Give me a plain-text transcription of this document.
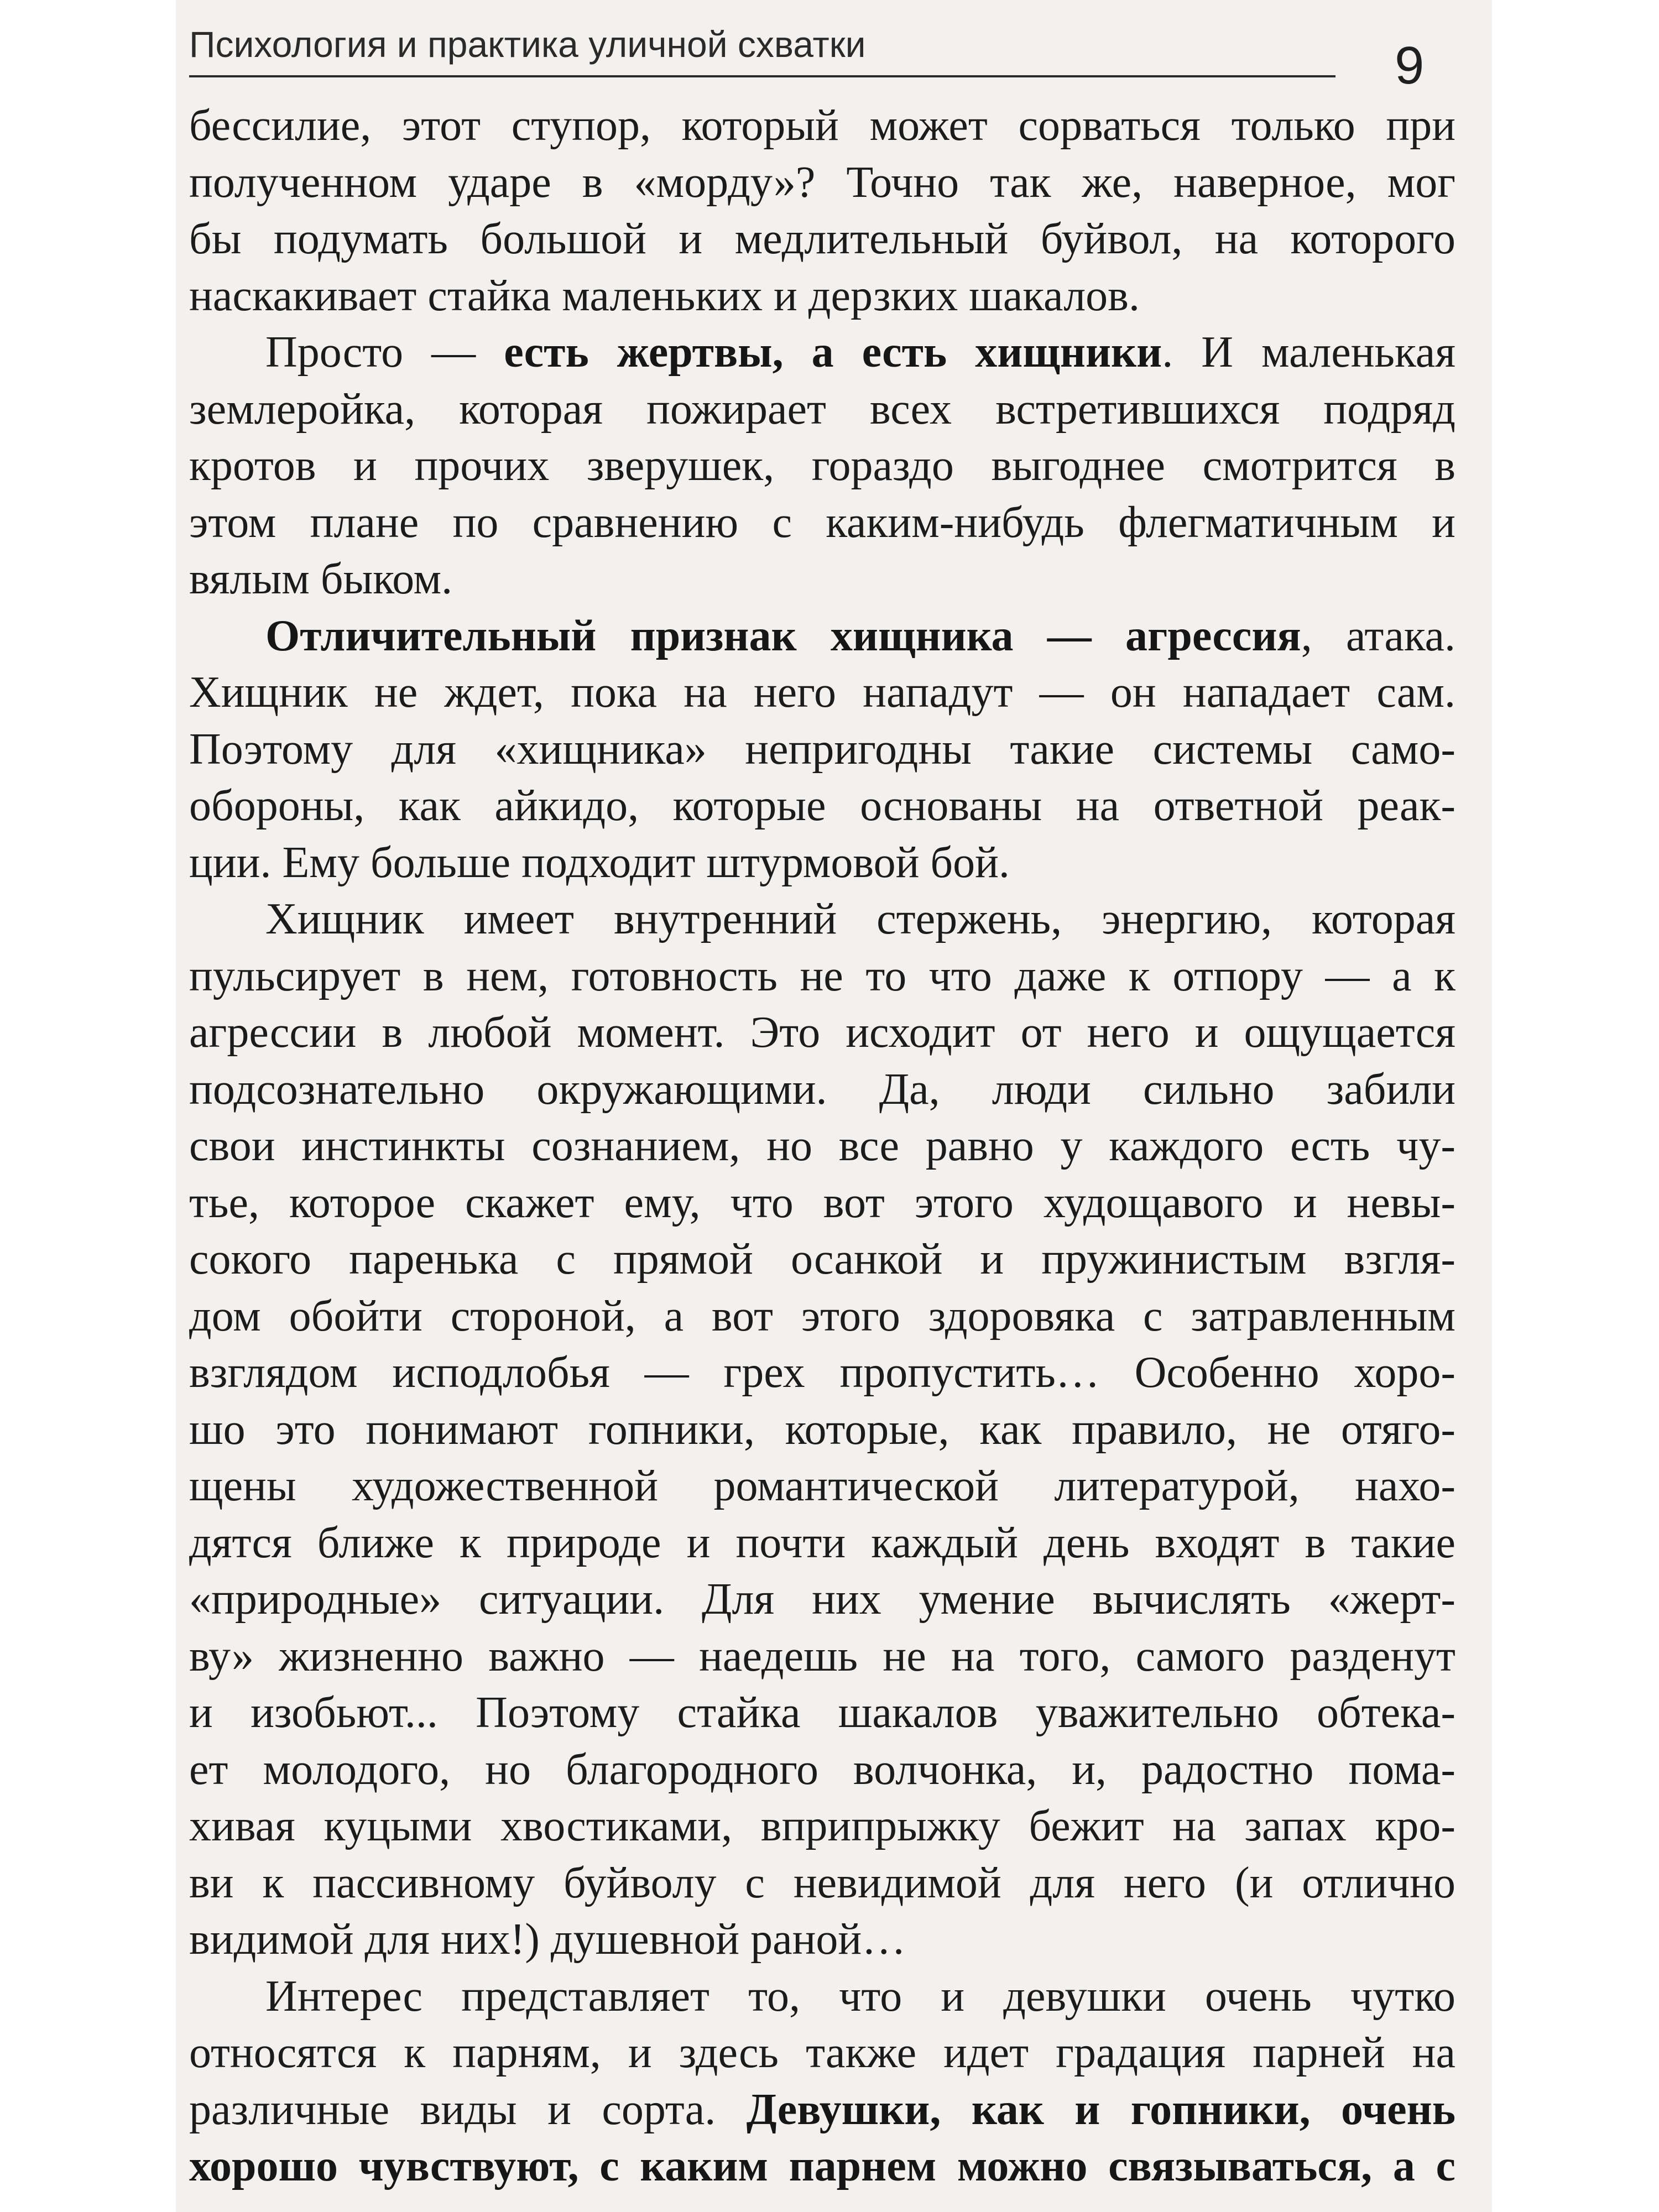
Психология и практика уличной схватки	9

бессилие, этот ступор, который может сорваться только при
полученном ударе в «морду»? Точно так же, наверное, мог
бы подумать большой и медлительный буйвол, на которого
наскакивает стайка маленьких и дерзких шакалов.

Просто — есть жертвы, а есть хищники. И маленькая
землеройка, которая пожирает всех встретившихся подряд
кротов и прочих зверушек, гораздо выгоднее смотрится в
этом плане по сравнению с каким-нибудь флегматичным и
вялым быком.

Отличительный признак хищника — агрессия, атака.
Хищник не ждет, пока на него нападут — он нападает сам.
Поэтому для «хищника» непригодны такие системы само-
обороны, как айкидо, которые основаны на ответной реак-
ции. Ему больше подходит штурмовой бой.

Хищник имеет внутренний стержень, энергию, которая
пульсирует в нем, готовность не то что даже к отпору — а к
агрессии в любой момент. Это исходит от него и ощущается
подсознательно окружающими. Да, люди сильно забили
свои инстинкты сознанием, но все равно у каждого есть чу-
тье, которое скажет ему, что вот этого худощавого и невы-
сокого паренька с прямой осанкой и пружинистым взгля-
дом обойти стороной, а вот этого здоровяка с затравленным
взглядом исподлобья — грех пропустить… Особенно хоро-
шо это понимают гопники, которые, как правило, не отяго-
щены художественной романтической литературой, нахо-
дятся ближе к природе и почти каждый день входят в такие
«природные» ситуации. Для них умение вычислять «жерт-
ву» жизненно важно — наедешь не на того, самого разденут
и изобьют... Поэтому стайка шакалов уважительно обтека-
ет молодого, но благородного волчонка, и, радостно пома-
хивая куцыми хвостиками, вприпрыжку бежит на запах кро-
ви к пассивному буйволу с невидимой для него (и отлично
видимой для них!) душевной раной…

Интерес представляет то, что и девушки очень чутко
относятся к парням, и здесь также идет градация парней на
различные виды и сорта. Девушки, как и гопники, очень
хорошо чувствуют, с каким парнем можно связываться, а с
